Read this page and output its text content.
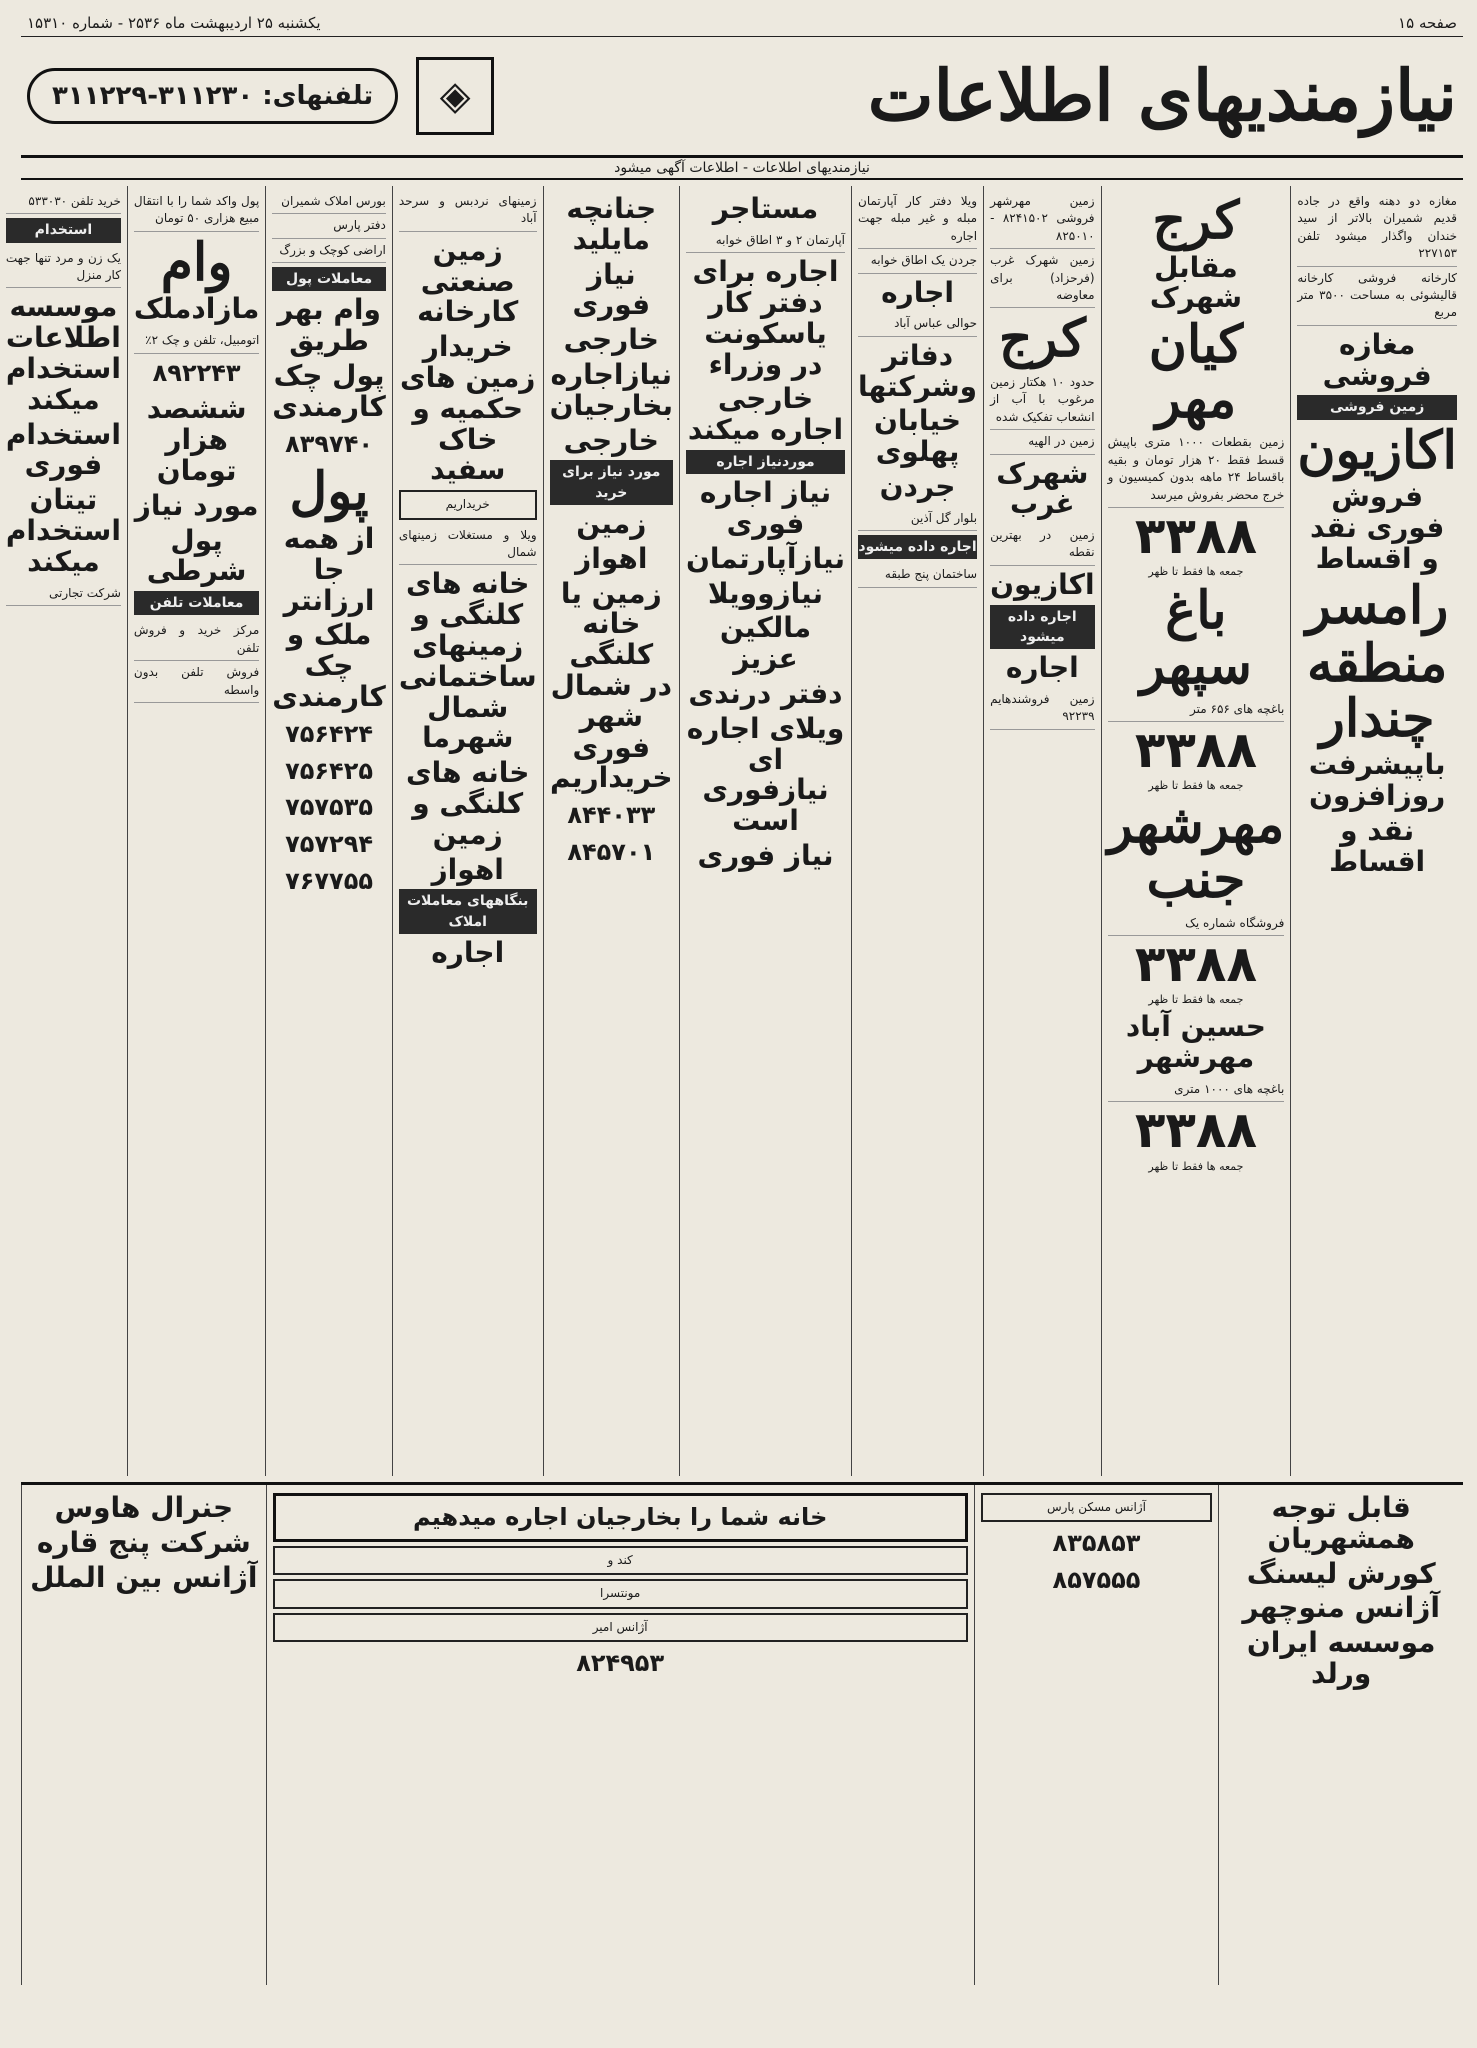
صفحه ۱۵
یکشنبه ۲۵ اردیبهشت ماه ۲۵۳۶ - شماره ۱۵۳۱۰
نیازمندیهای اطلاعات
◈
تلفنهای: ۳۱۱۲۳۰-۳۱۱۲۲۹
نیازمندیهای اطلاعات - اطلاعات آگهی میشود
مغازه دو دهنه واقع در جاده قدیم شمیران بالاتر از سید خندان واگذار میشود تلفن ۲۲۷۱۵۳
کارخانه فروشی کارخانه قالیشوئی به مساحت ۳۵۰۰ متر مربع
مغازه فروشی
زمین فروشی
اکازیون
فروش فوری نقد و اقساط
رامسر
منطقه چندار
باپیشرفت روزافزون
نقد و اقساط
کرج
مقابل شهرک
کیان مهر
زمین بقطعات ۱۰۰۰ متری باپیش قسط فقط ۲۰ هزار تومان و بقیه باقساط ۲۴ ماهه بدون کمیسیون و خرج محضر بفروش میرسد
۳۳۸۸
جمعه ها فقط تا ظهر
باغ سپهر
باغچه های ۶۵۶ متر
۳۳۸۸
جمعه ها فقط تا ظهر
مهرشهر جنب
فروشگاه شماره یک
۳۳۸۸
جمعه ها فقط تا ظهر
حسین آباد مهرشهر
باغچه های ۱۰۰۰ متری
۳۳۸۸
جمعه ها فقط تا ظهر
زمین مهرشهر فروشی ۸۲۴۱۵۰۲ - ۸۲۵۰۱۰
زمین شهرک غرب (فرحزاد) برای معاوضه
کرج
حدود ۱۰ هکتار زمین مرغوب با آب از انشعاب تفکیک شده
زمین در الهیه
شهرک غرب
زمین در بهترین نقطه
اکازیون
اجاره داده میشود
اجاره
زمین فروشندهایم ۹۲۲۳۹
ویلا دفتر کار آپارتمان مبله و غیر مبله جهت اجاره
جردن یک اطاق خوابه
اجاره
حوالی عباس آباد
دفاتر وشرکتها
خیابان پهلوی
جردن
بلوار گل آذین
اجاره داده میشود
ساختمان پنج طبقه
مستاجر
آپارتمان ۲ و ۳ اطاق خوابه
اجاره برای دفتر کار یاسکونت در وزراء
خارجی اجاره میکند
موردنیاز اجاره
نیاز اجاره فوری
نیازآپارتمان
نیازوویلا
مالکین عزیز
دفتر درندی
ویلای اجاره ای نیازفوری است
نیاز فوری
جنانچه مایلید
نیاز فوری
خارجی
نیازاجاره بخارجیان
خارجی
مورد نیاز برای خرید
زمین
اهواز
زمین یا خانه کلنگی در شمال شهر فوری خریداریم
۸۴۴۰۳۳
۸۴۵۷۰۱
زمینهای نردبس و سرحد آباد
زمین صنعتی کارخانه
خریدار زمین های حکمیه و خاک سفید
خریداریم
ویلا و مستغلات زمینهای شمال
خانه های کلنگی و زمینهای ساختمانی شمال شهرما
خانه های کلنگی و زمین
اهواز
بنگاههای معاملات املاک
اجاره
بورس املاک شمیران
دفتر پارس
اراضی کوچک و بزرگ
معاملات پول
وام بهر طریق
پول چک کارمندی
۸۳۹۷۴۰
پول
از همه جا ارزانتر
ملک و چک کارمندی
۷۵۶۴۲۴
۷۵۶۴۲۵
۷۵۷۵۳۵
۷۵۷۲۹۴
۷۶۷۷۵۵
پول واکد شما را با انتقال مبیع هزاری ۵۰ تومان
وام
مازادملک
اتومبیل، تلفن و چک ۲٪
۸۹۲۲۴۳
ششصد هزار تومان
مورد نیاز
پول شرطی
معاملات تلفن
مرکز خرید و فروش تلفن
فروش تلفن بدون واسطه
خرید تلفن ۵۳۳۰۳۰
استخدام
یک زن و مرد تنها جهت کار منزل
موسسه اطلاعات استخدام میکند
استخدام فوری
تیتان استخدام میکند
شرکت تجارتی
قابل توجه همشهریان
کورش لیسنگ
آژانس منوچهر
موسسه ایران ورلد
آژانس مسکن پارس
۸۳۵۸۵۳
۸۵۷۵۵۵
خانه شما را بخارجیان اجاره میدهیم
کند و
مونتسرا
آژانس امیر
۸۲۴۹۵۳
جنرال هاوس
شرکت پنج قاره
آژانس بین الملل
